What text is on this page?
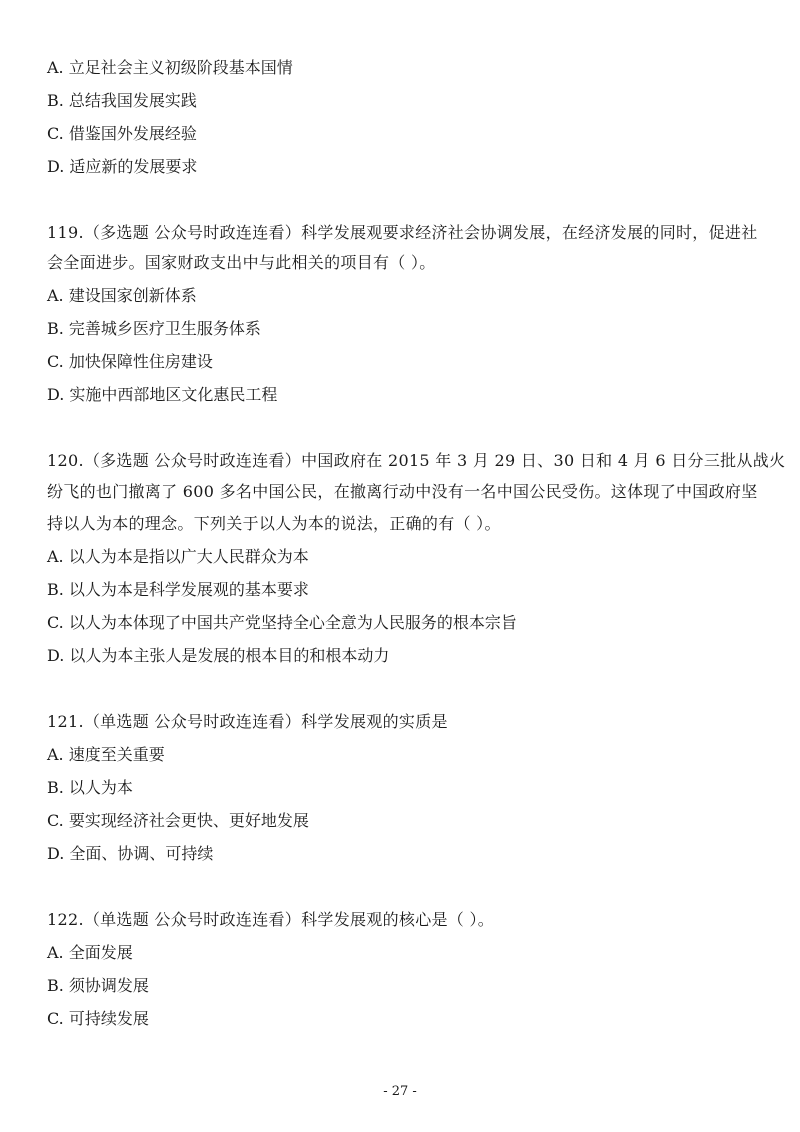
A. 立足社会主义初级阶段基本国情
B. 总结我国发展实践
C. 借鉴国外发展经验
D. 适应新的发展要求
119.（多选题 公众号时政连连看）科学发展观要求经济社会协调发展，在经济发展的同时，促进社
会全面进步。国家财政支出中与此相关的项目有（ ）。
A. 建设国家创新体系
B. 完善城乡医疗卫生服务体系
C. 加快保障性住房建设
D. 实施中西部地区文化惠民工程
120.（多选题 公众号时政连连看）中国政府在 2015 年 3 月 29 日、30 日和 4 月 6 日分三批从战火
纷飞的也门撤离了 600 多名中国公民，在撤离行动中没有一名中国公民受伤。这体现了中国政府坚
持以人为本的理念。下列关于以人为本的说法，正确的有（ ）。
A. 以人为本是指以广大人民群众为本
B. 以人为本是科学发展观的基本要求
C. 以人为本体现了中国共产党坚持全心全意为人民服务的根本宗旨
D. 以人为本主张人是发展的根本目的和根本动力
121.（单选题 公众号时政连连看）科学发展观的实质是
A. 速度至关重要
B. 以人为本
C. 要实现经济社会更快、更好地发展
D. 全面、协调、可持续
122.（单选题 公众号时政连连看）科学发展观的核心是（ ）。
A. 全面发展
B. 须协调发展
C. 可持续发展
- 27 -
